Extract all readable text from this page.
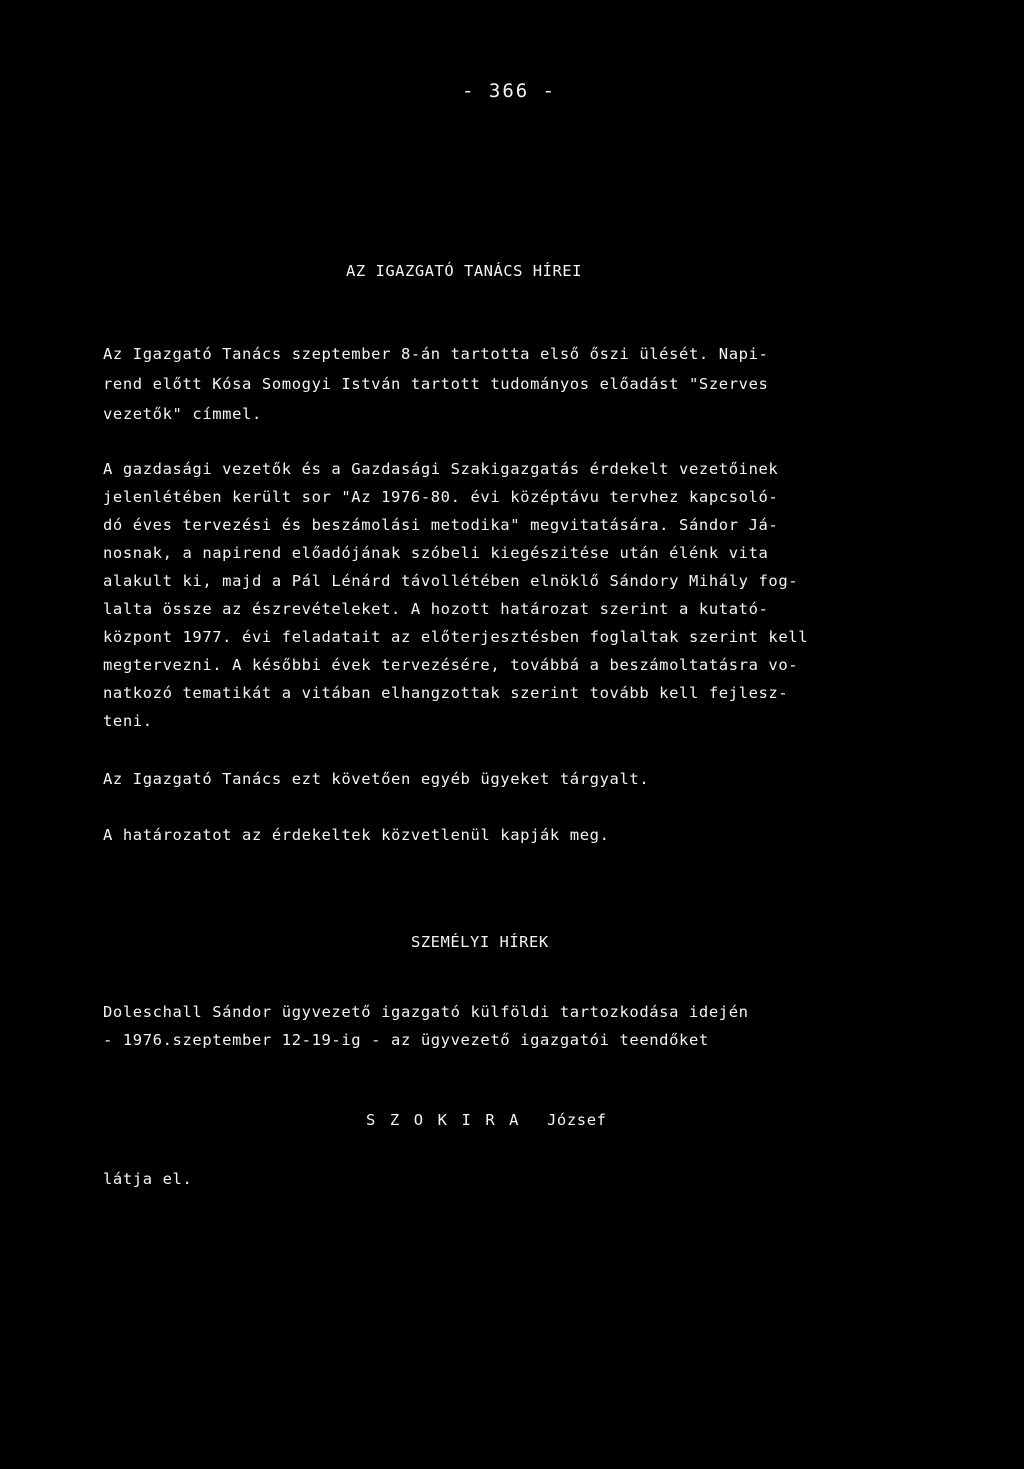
- 366 -
AZ IGAZGATÓ TANÁCS HÍREI
Az Igazgató Tanács szeptember 8-án tartotta első őszi ülését. Napi-
rend előtt Kósa Somogyi István tartott tudományos előadást "Szerves
vezetők" címmel.
A gazdasági vezetők és a Gazdasági Szakigazgatás érdekelt vezetőinek
jelenlétében került sor "Az 1976-80. évi középtávu tervhez kapcsoló-
dó éves tervezési és beszámolási metodika" megvitatására. Sándor Já-
nosnak, a napirend előadójának szóbeli kiegészitése után élénk vita
alakult ki, majd a Pál Lénárd távollétében elnöklő Sándory Mihály fog-
lalta össze az észrevételeket. A hozott határozat szerint a kutató-
központ 1977. évi feladatait az előterjesztésben foglaltak szerint kell
megtervezni. A későbbi évek tervezésére, továbbá a beszámoltatásra vo-
natkozó tematikát a vitában elhangzottak szerint tovább kell fejlesz-
teni.
Az Igazgató Tanács ezt követően egyéb ügyeket tárgyalt.
A határozatot az érdekeltek közvetlenül kapják meg.
SZEMÉLYI HÍREK
Doleschall Sándor ügyvezető igazgató külföldi tartozkodása idején
- 1976.szeptember 12-19-ig - az ügyvezető igazgatói teendőket
S Z O K I R A  József
látja el.
